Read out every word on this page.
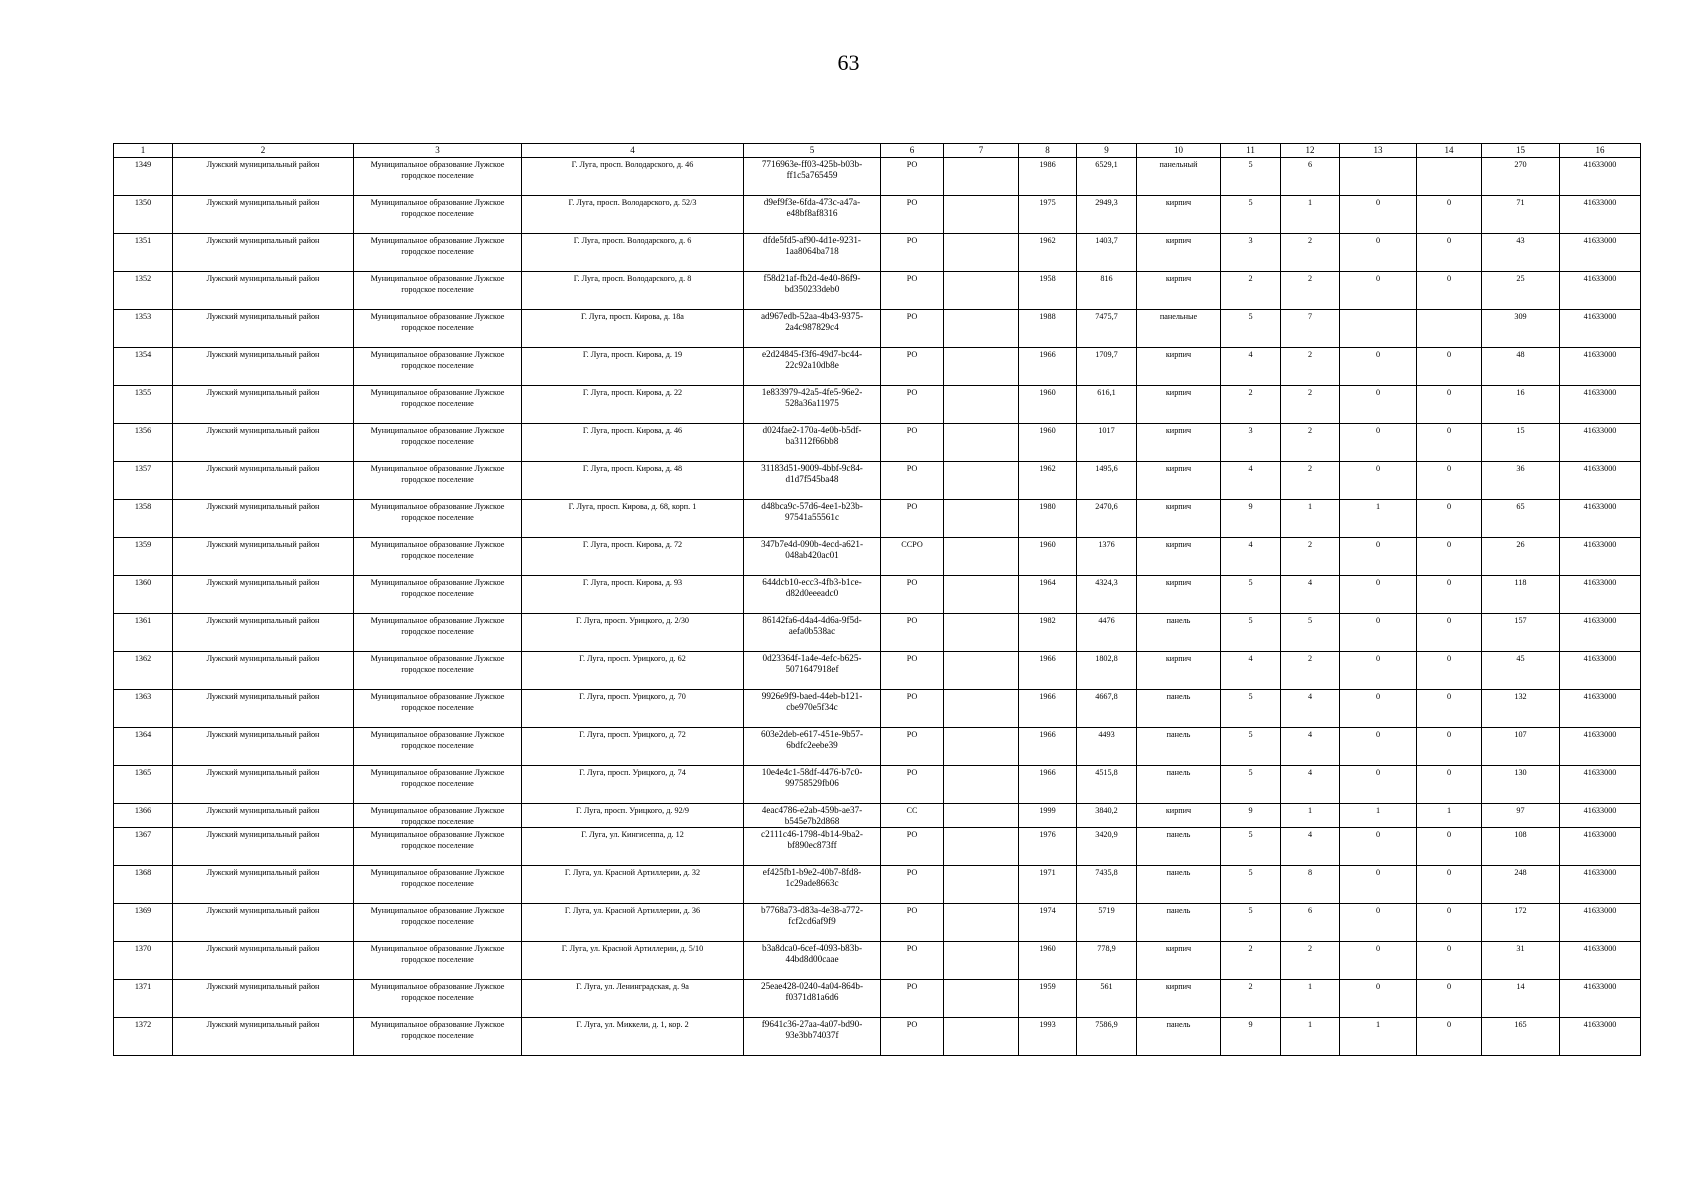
63
1	2	3	4	5	6	7	8	9	10	11	12	13	14	15	16
1349	Лужский муниципальный район	Муниципальное образование Лужское городское поселение	Г. Луга, просп. Володарского, д. 46	7716963e-ff03-425b-b03b-ff1c5a765459	РО		1986	6529,1	панельный	5	6			270	41633000
1350	Лужский муниципальный район	Муниципальное образование Лужское городское поселение	Г. Луга, просп. Володарского, д. 52/3	d9ef9f3e-6fda-473c-a47a-e48bf8af8316	РО		1975	2949,3	кирпич	5	1	0	0	71	41633000
1351	Лужский муниципальный район	Муниципальное образование Лужское городское поселение	Г. Луга, просп. Володарского, д. 6	dfde5fd5-af90-4d1e-9231-1aa8064ba718	РО		1962	1403,7	кирпич	3	2	0	0	43	41633000
1352	Лужский муниципальный район	Муниципальное образование Лужское городское поселение	Г. Луга, просп. Володарского, д. 8	f58d21af-fb2d-4e40-86f9-bd350233deb0	РО		1958	816	кирпич	2	2	0	0	25	41633000
1353	Лужский муниципальный район	Муниципальное образование Лужское городское поселение	Г. Луга, просп. Кирова, д. 18а	ad967edb-52aa-4b43-9375-2a4c987829c4	РО		1988	7475,7	панельные	5	7			309	41633000
1354	Лужский муниципальный район	Муниципальное образование Лужское городское поселение	Г. Луга, просп. Кирова, д. 19	e2d24845-f3f6-49d7-bc44-22c92a10db8e	РО		1966	1709,7	кирпич	4	2	0	0	48	41633000
1355	Лужский муниципальный район	Муниципальное образование Лужское городское поселение	Г. Луга, просп. Кирова, д. 22	1e833979-42a5-4fe5-96e2-528a36a11975	РО		1960	616,1	кирпич	2	2	0	0	16	41633000
1356	Лужский муниципальный район	Муниципальное образование Лужское городское поселение	Г. Луга, просп. Кирова, д. 46	d024fae2-170a-4e0b-b5df-ba3112f66bb8	РО		1960	1017	кирпич	3	2	0	0	15	41633000
1357	Лужский муниципальный район	Муниципальное образование Лужское городское поселение	Г. Луга, просп. Кирова, д. 48	31183d51-9009-4bbf-9c84-d1d7f545ba48	РО		1962	1495,6	кирпич	4	2	0	0	36	41633000
1358	Лужский муниципальный район	Муниципальное образование Лужское городское поселение	Г. Луга, просп. Кирова, д. 68, корп. 1	d48bca9c-57d6-4ee1-b23b-97541a55561c	РО		1980	2470,6	кирпич	9	1	1	0	65	41633000
1359	Лужский муниципальный район	Муниципальное образование Лужское городское поселение	Г. Луга, просп. Кирова, д. 72	347b7e4d-090b-4ecd-a621-048ab420ac01	ССРО		1960	1376	кирпич	4	2	0	0	26	41633000
1360	Лужский муниципальный район	Муниципальное образование Лужское городское поселение	Г. Луга, просп. Кирова, д. 93	644dcb10-ecc3-4fb3-b1ce-d82d0eeeadc0	РО		1964	4324,3	кирпич	5	4	0	0	118	41633000
1361	Лужский муниципальный район	Муниципальное образование Лужское городское поселение	Г. Луга, просп. Урицкого, д. 2/30	86142fa6-d4a4-4d6a-9f5d-aefa0b538ac	РО		1982	4476	панель	5	5	0	0	157	41633000
1362	Лужский муниципальный район	Муниципальное образование Лужское городское поселение	Г. Луга, просп. Урицкого, д. 62	0d23364f-1a4e-4efc-b625-5071647918ef	РО		1966	1802,8	кирпич	4	2	0	0	45	41633000
1363	Лужский муниципальный район	Муниципальное образование Лужское городское поселение	Г. Луга, просп. Урицкого, д. 70	9926e9f9-baed-44eb-b121-cbe970e5f34c	РО		1966	4667,8	панель	5	4	0	0	132	41633000
1364	Лужский муниципальный район	Муниципальное образование Лужское городское поселение	Г. Луга, просп. Урицкого, д. 72	603e2deb-e617-451e-9b57-6bdfc2eebe39	РО		1966	4493	панель	5	4	0	0	107	41633000
1365	Лужский муниципальный район	Муниципальное образование Лужское городское поселение	Г. Луга, просп. Урицкого, д. 74	10e4e4c1-58df-4476-b7c0-99758529fb06	РО		1966	4515,8	панель	5	4	0	0	130	41633000
1366	Лужский муниципальный район	Муниципальное образование Лужское городское поселение	Г. Луга, просп. Урицкого, д. 92/9	4eac4786-e2ab-459b-ae37-b545e7b2d868	СС		1999	3840,2	кирпич	9	1	1	1	97	41633000
1367	Лужский муниципальный район	Муниципальное образование Лужское городское поселение	Г. Луга, ул. Кингисеппа, д. 12	c2111c46-1798-4b14-9ba2-bf890ec873ff	РО		1976	3420,9	панель	5	4	0	0	108	41633000
1368	Лужский муниципальный район	Муниципальное образование Лужское городское поселение	Г. Луга, ул. Красной Артиллерии, д. 32	ef425fb1-b9e2-40b7-8fd8-1c29ade8663c	РО		1971	7435,8	панель	5	8	0	0	248	41633000
1369	Лужский муниципальный район	Муниципальное образование Лужское городское поселение	Г. Луга, ул. Красной Артиллерии, д. 36	b7768a73-d83a-4e38-a772-fcf2cd6af9f9	РО		1974	5719	панель	5	6	0	0	172	41633000
1370	Лужский муниципальный район	Муниципальное образование Лужское городское поселение	Г. Луга, ул. Красной Артиллерии, д. 5/10	b3a8dca0-6cef-4093-b83b-44bd8d00caae	РО		1960	778,9	кирпич	2	2	0	0	31	41633000
1371	Лужский муниципальный район	Муниципальное образование Лужское городское поселение	Г. Луга, ул. Ленинградская, д. 9а	25eae428-0240-4a04-864b-f0371d81a6d6	РО		1959	561	кирпич	2	1	0	0	14	41633000
1372	Лужский муниципальный район	Муниципальное образование Лужское городское поселение	Г. Луга, ул. Миккели, д. 1, кор. 2	f9641c36-27aa-4a07-bd90-93e3bb74037f	РО		1993	7586,9	панель	9	1	1	0	165	41633000
